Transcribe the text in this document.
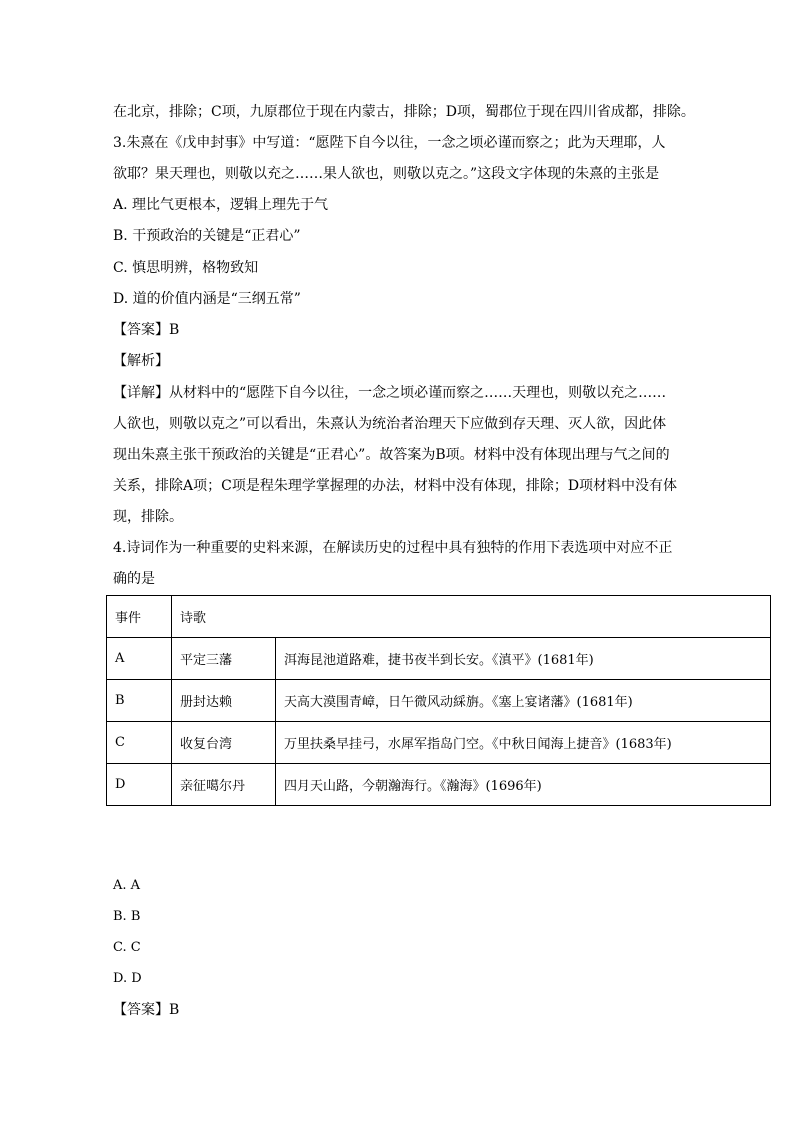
在北京，排除；C项，九原郡位于现在内蒙古，排除；D项，蜀郡位于现在四川省成都，排除。
3.朱熹在《戊申封事》中写道：“愿陛下自今以往，一念之顷必谨而察之；此为天理耶，人
欲耶？果天理也，则敬以充之……果人欲也，则敬以克之。”这段文字体现的朱熹的主张是
A. 理比气更根本，逻辑上理先于气
B. 干预政治的关键是“正君心”
C. 慎思明辨，格物致知
D. 道的价值内涵是“三纲五常”
【答案】B
【解析】
【详解】从材料中的“愿陛下自今以往，一念之顷必谨而察之……天理也，则敬以充之……
人欲也，则敬以克之”可以看出，朱熹认为统治者治理天下应做到存天理、灭人欲，因此体
现出朱熹主张干预政治的关键是“正君心”。故答案为B项。材料中没有体现出理与气之间的
关系，排除A项；C项是程朱理学掌握理的办法，材料中没有体现，排除；D项材料中没有体
现，排除。
4.诗词作为一种重要的史料来源，在解读历史的过程中具有独特的作用下表选项中对应不正
确的是
事件	诗歌	
A	平定三藩	洱海昆池道路难，捷书夜半到长安。《滇平》(1681年)
B	册封达赖	天高大漠围青嶂，日午微风动綵旃。《塞上宴诸藩》(1681年)
C	收复台湾	万里扶桑早挂弓，水犀军指岛门空。《中秋日闻海上捷音》(1683年)
D	亲征噶尔丹	四月天山路，今朝瀚海行。《瀚海》(1696年)
A. A
B. B
C. C
D. D
【答案】B
